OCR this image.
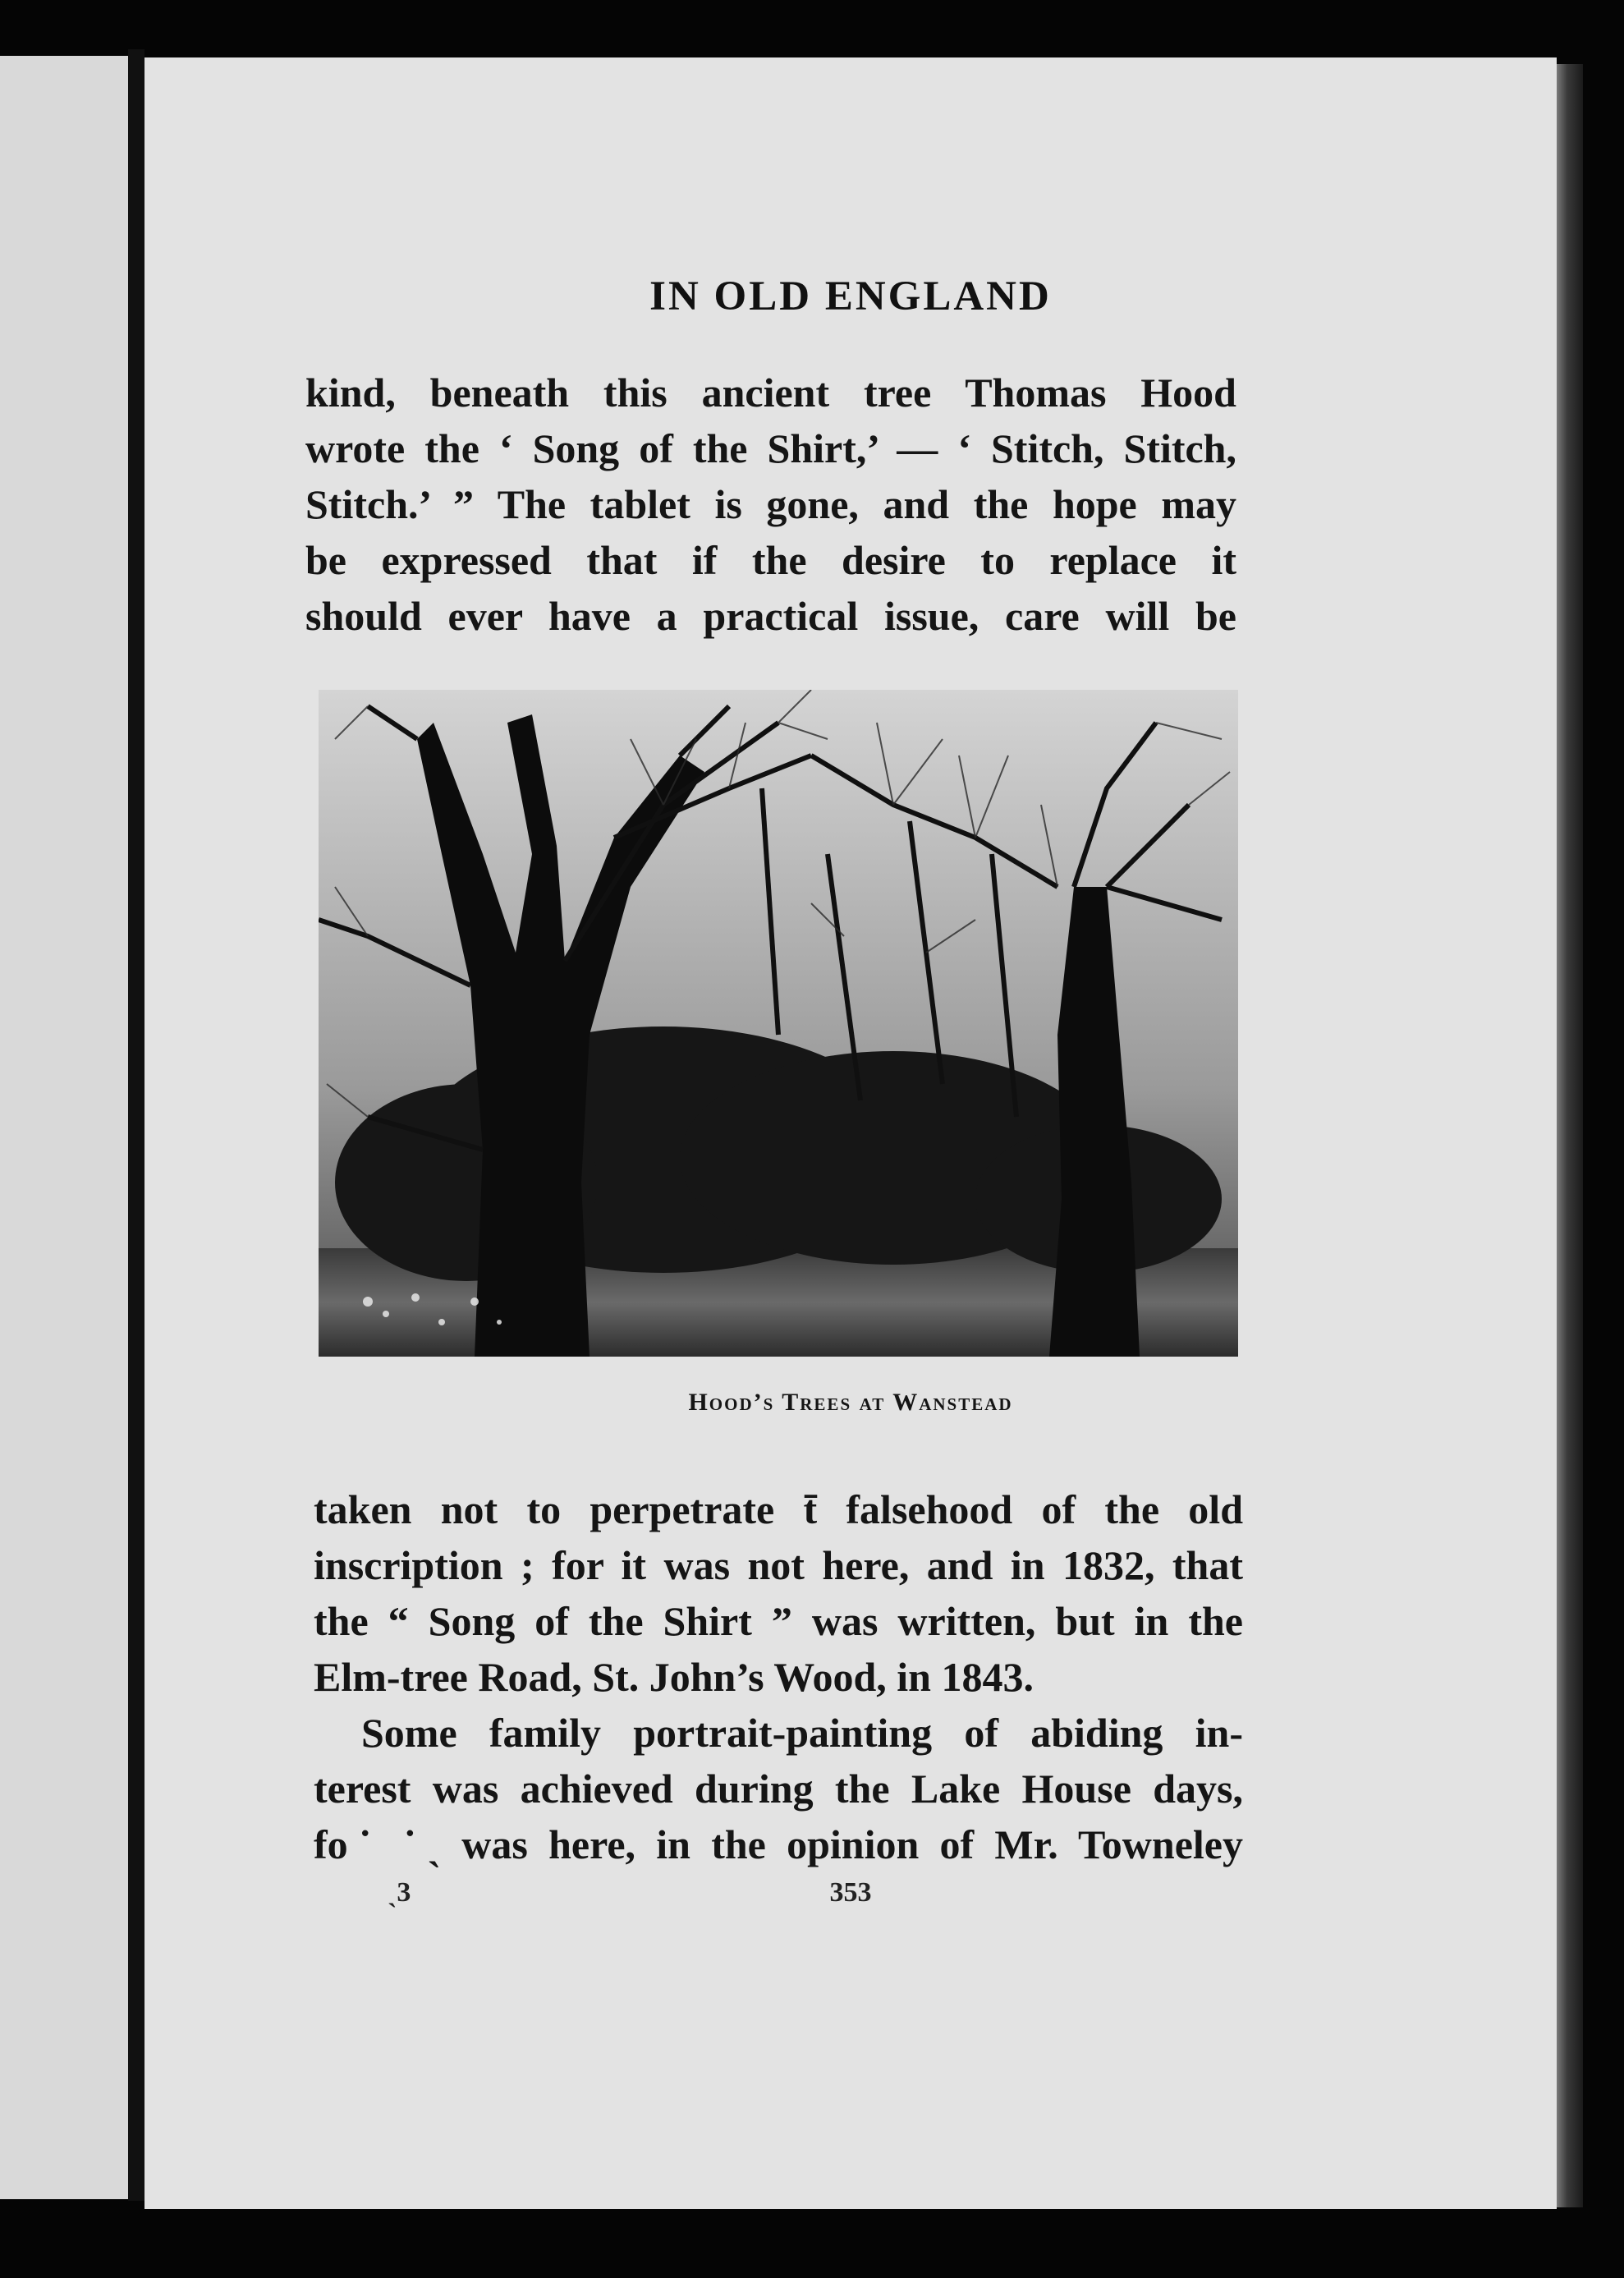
IN OLD ENGLAND
kind, beneath this ancient tree Thomas Hood
wrote the ‘ Song of the Shirt,’ — ‘ Stitch, Stitch,
Stitch.’ ” The tablet is gone, and the hope may
be expressed that if the desire to replace it
should ever have a practical issue, care will be
Hood’s Trees at Wanstead
taken not to perpetrate t̄̄ falsehood of the old
inscription ; for it was not here, and in 1832, that
the “ Song of the Shirt ” was written, but in the
Elm-tree Road, St. John’s Wood, in 1843.
Some family portrait-painting of abiding in-
terest was achieved during the Lake House days,
fo˙ ˙ˎ was here, in the opinion of Mr. Towneley
ˎ3	353
